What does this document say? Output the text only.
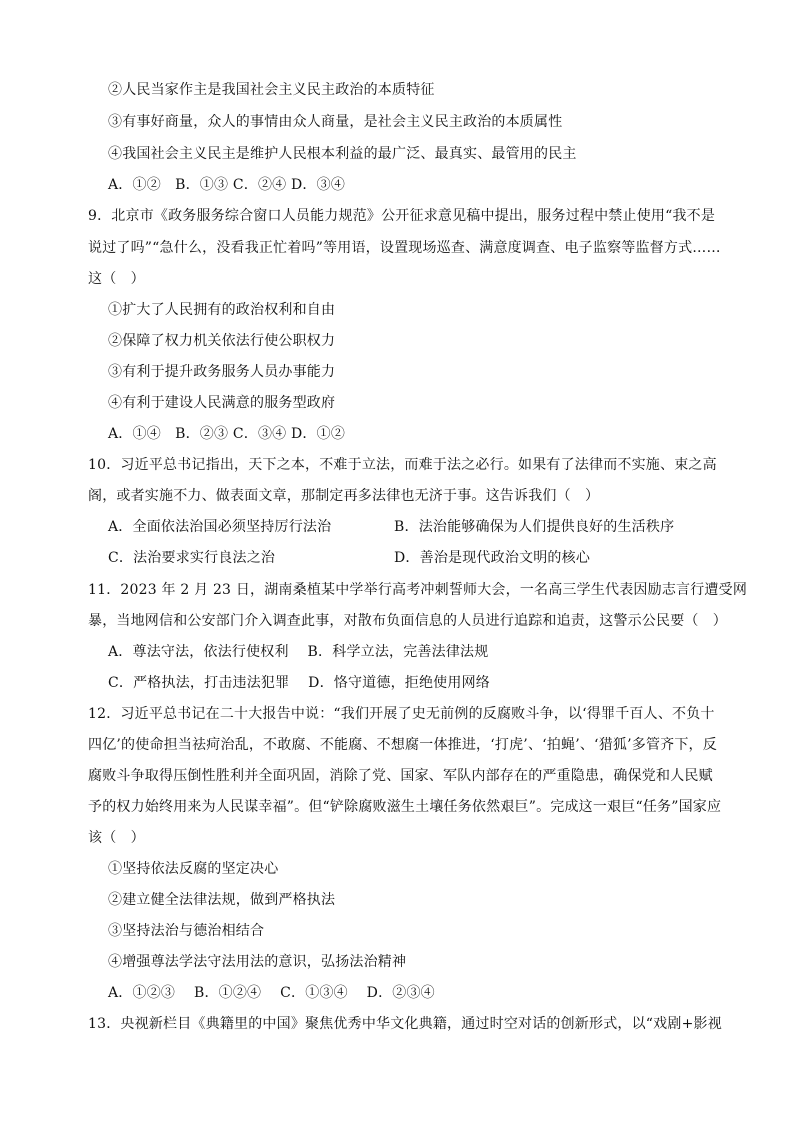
②人民当家作主是我国社会主义民主政治的本质特征
③有事好商量，众人的事情由众人商量，是社会主义民主政治的本质属性
④我国社会主义民主是维护人民根本利益的最广泛、最真实、最管用的民主
A．①②　B．①③ C．②④ D．③④
9．北京市《政务服务综合窗口人员能力规范》公开征求意见稿中提出，服务过程中禁止使用“我不是
说过了吗”“急什么，没看我正忙着吗”等用语，设置现场巡查、满意度调查、电子监察等监督方式……
这（　）
①扩大了人民拥有的政治权利和自由
②保障了权力机关依法行使公职权力
③有利于提升政务服务人员办事能力
④有利于建设人民满意的服务型政府
A．①④　B．②③ C．③④ D．①②
10．习近平总书记指出，天下之本，不难于立法，而难于法之必行。如果有了法律而不实施、束之高
阁，或者实施不力、做表面文章，那制定再多法律也无济于事。这告诉我们（　）
A．全面依法治国必须坚持厉行法治	B．法治能够确保为人们提供良好的生活秩序
C．法治要求实行良法之治	D．善治是现代政治文明的核心
11．2023 年 2 月 23 日，湖南桑植某中学举行高考冲刺誓师大会，一名高三学生代表因励志言行遭受网
暴，当地网信和公安部门介入调查此事，对散布负面信息的人员进行追踪和追责，这警示公民要（　）
A．尊法守法，依法行使权利　 B．科学立法，完善法律法规
C．严格执法，打击违法犯罪　 D．恪守道德，拒绝使用网络
12．习近平总书记在二十大报告中说：“我们开展了史无前例的反腐败斗争，以‘得罪千百人、不负十
四亿’的使命担当祛疴治乱，不敢腐、不能腐、不想腐一体推进，‘打虎’、‘拍蝇’、‘猎狐’多管齐下，反
腐败斗争取得压倒性胜利并全面巩固，消除了党、国家、军队内部存在的严重隐患，确保党和人民赋
予的权力始终用来为人民谋幸福”。但“铲除腐败滋生土壤任务依然艰巨”。完成这一艰巨“任务”国家应
该（　）
①坚持依法反腐的坚定决心
②建立健全法律法规，做到严格执法
③坚持法治与德治相结合
④增强尊法学法守法用法的意识，弘扬法治精神
A．①②③　 B．①②④　 C．①③④　 D．②③④
13．央视新栏目《典籍里的中国》聚焦优秀中华文化典籍，通过时空对话的创新形式，以“戏剧+影视
